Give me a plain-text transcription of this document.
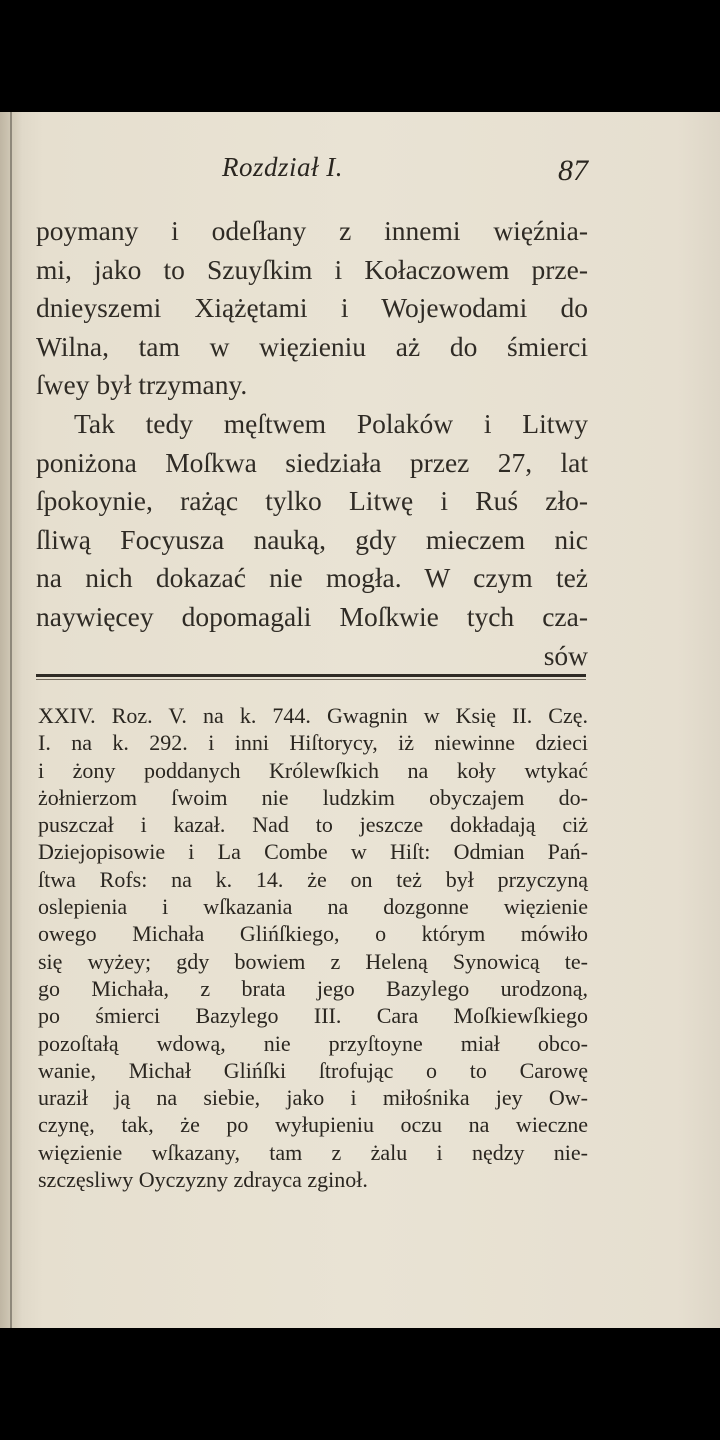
Rozdział I.	87
poymany i odeſłany z innemi więźnia-
mi, jako to Szuyſkim i Kołaczowem prze-
dnieyszemi Xiążętami i Wojewodami do
Wilna, tam w więzieniu aż do śmierci
ſwey był trzymany.
Tak tedy męſtwem Polaków i Litwy
poniżona Moſkwa siedziała przez 27, lat
ſpokoynie, rażąc tylko Litwę i Ruś zło-
ſliwą Focyusza nauką, gdy mieczem nic
na nich dokazać nie mogła. W czym też
naywięcey dopomagali Moſkwie tych cza-
sów
XXIV. Roz. V. na k. 744. Gwagnin w Księ II. Czę.
I. na k. 292. i inni Hiſtorycy, iż niewinne dzieci
i żony poddanych Królewſkich na koły wtykać
żołnierzom ſwoim nie ludzkim obyczajem do-
puszczał i kazał. Nad to jeszcze dokładają ciż
Dziejopisowie i La Combe w Hiſt: Odmian Pań-
ſtwa Rofs: na k. 14. że on też był przyczyną
oslepienia i wſkazania na dozgonne więzienie
owego Michała Glińſkiego, o którym mówiło
się wyżey; gdy bowiem z Heleną Synowicą te-
go Michała, z brata jego Bazylego urodzoną,
po śmierci Bazylego III. Cara Moſkiewſkiego
pozoſtałą wdową, nie przyſtoyne miał obco-
wanie, Michał Glińſki ſtrofując o to Carowę
uraził ją na siebie, jako i miłośnika jey Ow-
czynę, tak, że po wyłupieniu oczu na wieczne
więzienie wſkazany, tam z żalu i nędzy nie-
szczęsliwy Oyczyzny zdrayca zginoł.
